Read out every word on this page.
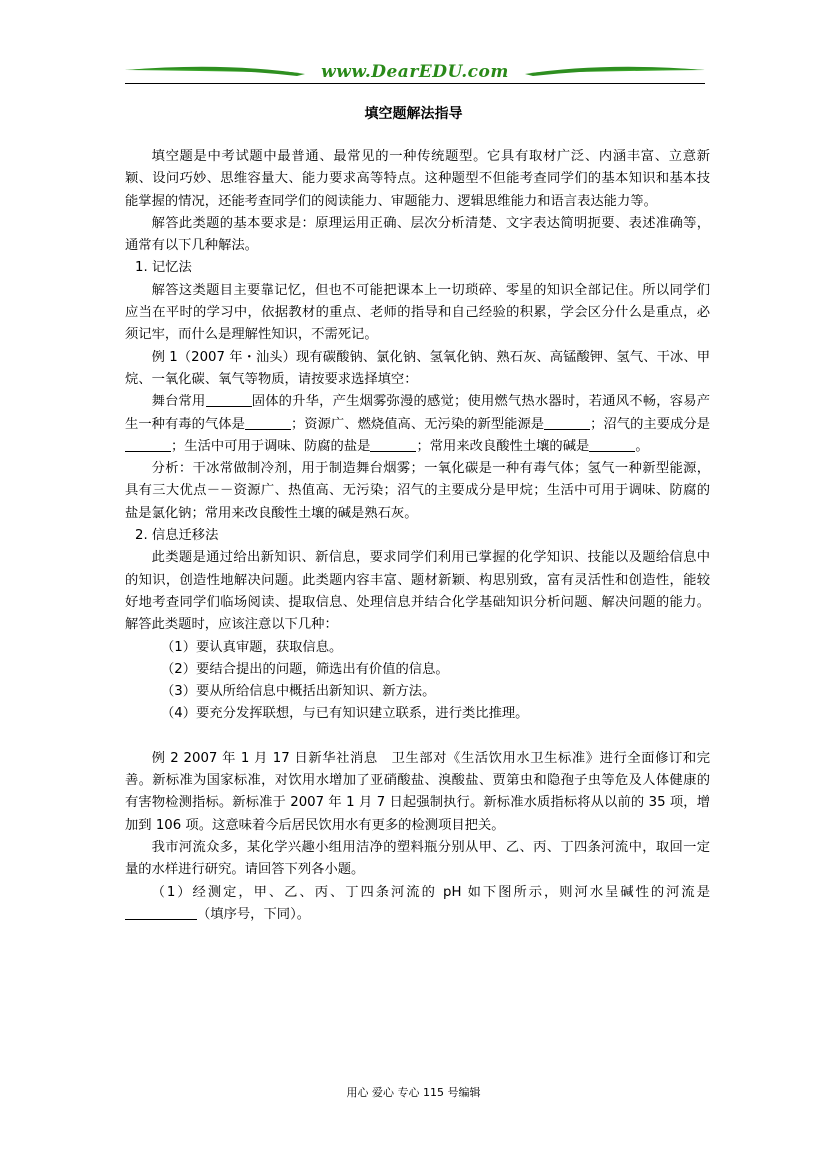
www.DearEDU.com
填空题解法指导

填空题是中考试题中最普通、最常见的一种传统题型。它具有取材广泛、内涵丰富、立意新颖、设问巧妙、思维容量大、能力要求高等特点。这种题型不但能考查同学们的基本知识和基本技能掌握的情况，还能考查同学们的阅读能力、审题能力、逻辑思维能力和语言表达能力等。

解答此类题的基本要求是：原理运用正确、层次分析清楚、文字表达简明扼要、表述准确等，通常有以下几种解法。

1. 记忆法

解答这类题目主要靠记忆，但也不可能把课本上一切琐碎、零星的知识全部记住。所以同学们应当在平时的学习中，依据教材的重点、老师的指导和自己经验的积累，学会区分什么是重点，必须记牢，而什么是理解性知识，不需死记。

例 1（2007 年・汕头）现有碳酸钠、氯化钠、氢氧化钠、熟石灰、高锰酸钾、氢气、干冰、甲烷、一氧化碳、氧气等物质，请按要求选择填空：

舞台常用	固体的升华，产生烟雾弥漫的感觉；使用燃气热水器时，若通风不畅，容易产生一种有毒的气体是	；资源广、燃烧值高、无污染的新型能源是	；沼气的主要成分是；生活中可用于调味、防腐的盐是	；常用来改良酸性土壤的碱是	。

分析：干冰常做制冷剂，用于制造舞台烟雾；一氧化碳是一种有毒气体；氢气一种新型能源，具有三大优点－－资源广、热值高、无污染；沼气的主要成分是甲烷；生活中可用于调味、防腐的盐是氯化钠；常用来改良酸性土壤的碱是熟石灰。

2. 信息迁移法

此类题是通过给出新知识、新信息，要求同学们利用已掌握的化学知识、技能以及题给信息中的知识，创造性地解决问题。此类题内容丰富、题材新颖、构思别致，富有灵活性和创造性，能较好地考查同学们临场阅读、提取信息、处理信息并结合化学基础知识分析问题、解决问题的能力。解答此类题时，应该注意以下几种：

（1）要认真审题，获取信息。

（2）要结合提出的问题，筛选出有价值的信息。

（3）要从所给信息中概括出新知识、新方法。

（4）要充分发挥联想，与已有知识建立联系，进行类比推理。

例 2 2007 年 1 月 17 日新华社消息　卫生部对《生活饮用水卫生标准》进行全面修订和完善。新标准为国家标准，对饮用水增加了亚硝酸盐、溴酸盐、贾第虫和隐孢子虫等危及人体健康的有害物检测指标。新标准于 2007 年 1 月 7 日起强制执行。新标准水质指标将从以前的 35 项，增加到 106 项。这意味着今后居民饮用水有更多的检测项目把关。

我市河流众多，某化学兴趣小组用洁净的塑料瓶分别从甲、乙、丙、丁四条河流中，取回一定量的水样进行研究。请回答下列各小题。

（1）经测定，甲、乙、丙、丁四条河流的 pH 如下图所示，则河水呈碱性的河流是（填序号，下同）。

用心 爱心 专心 115 号编辑
